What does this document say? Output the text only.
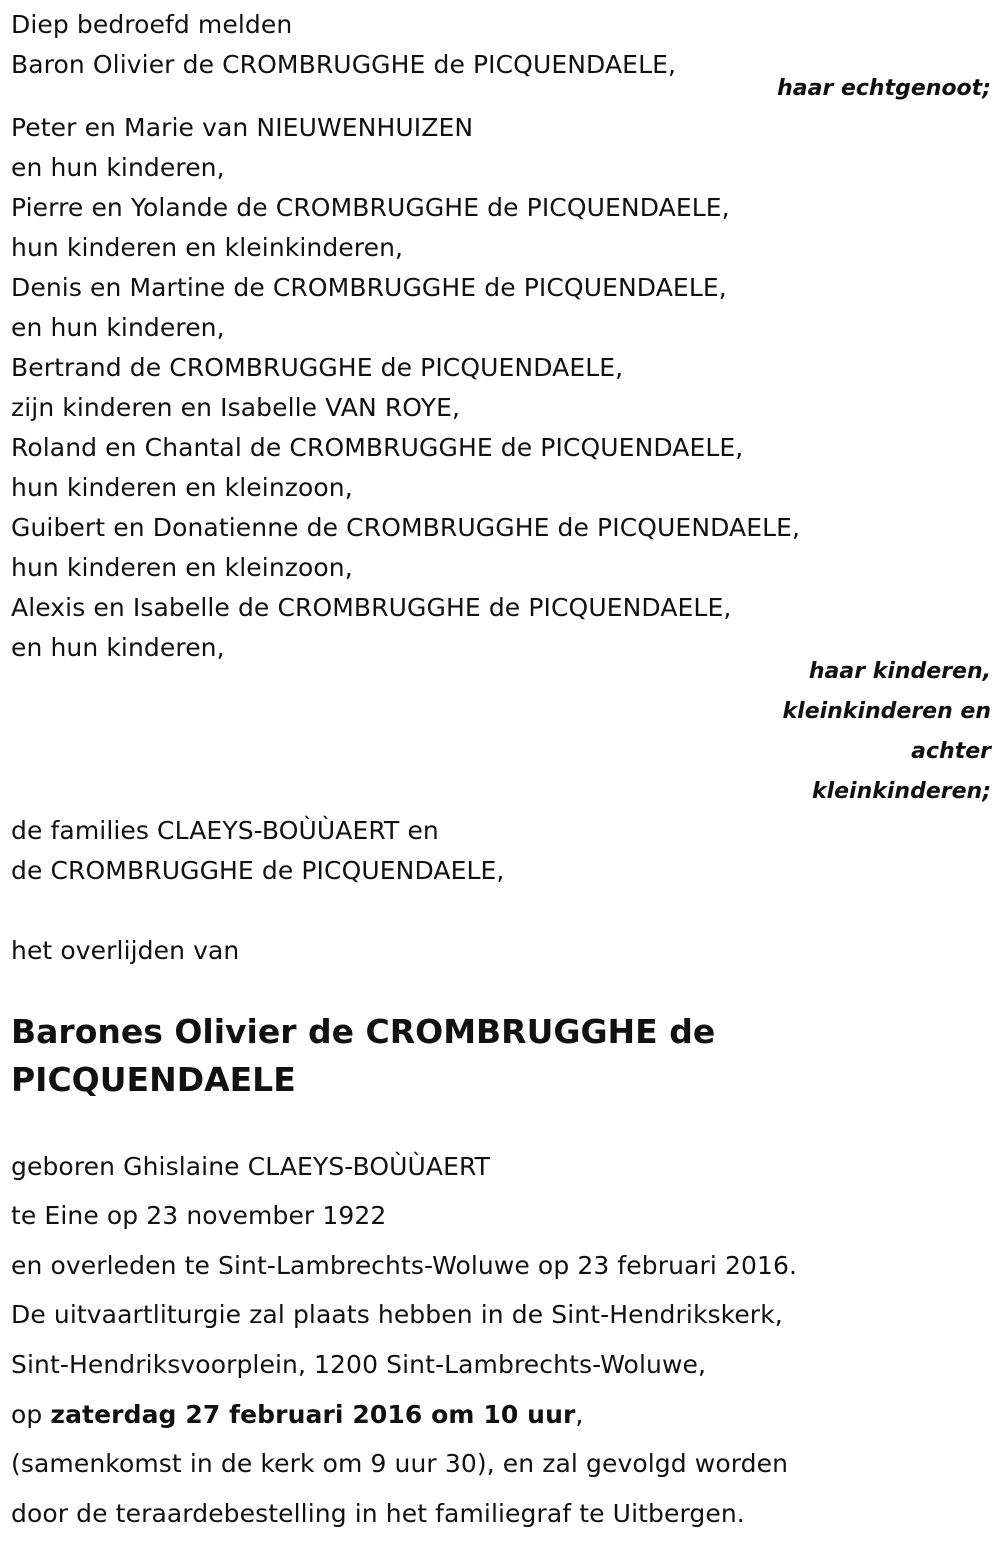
Diep bedroefd melden
Baron Olivier de CROMBRUGGHE de PICQUENDAELE,
haar echtgenoot;
Peter en Marie van NIEUWENHUIZEN
en hun kinderen,
Pierre en Yolande de CROMBRUGGHE de PICQUENDAELE,
hun kinderen en kleinkinderen,
Denis en Martine de CROMBRUGGHE de PICQUENDAELE,
en hun kinderen,
Bertrand de CROMBRUGGHE de PICQUENDAELE,
zijn kinderen en Isabelle VAN ROYE,
Roland en Chantal de CROMBRUGGHE de PICQUENDAELE,
hun kinderen en kleinzoon,
Guibert en Donatienne de CROMBRUGGHE de PICQUENDAELE,
hun kinderen en kleinzoon,
Alexis en Isabelle de CROMBRUGGHE de PICQUENDAELE,
en hun kinderen,
haar kinderen,
kleinkinderen en
achter
kleinkinderen;
de families CLAEYS-BOÙÙAERT en
de CROMBRUGGHE de PICQUENDAELE,
het overlijden van
Barones Olivier de CROMBRUGGHE de
PICQUENDAELE
geboren Ghislaine CLAEYS-BOÙÙAERT
te Eine op 23 november 1922
en overleden te Sint-Lambrechts-Woluwe op 23 februari 2016.
De uitvaartliturgie zal plaats hebben in de Sint-Hendrikskerk,
Sint-Hendriksvoorplein, 1200 Sint-Lambrechts-Woluwe,
op zaterdag 27 februari 2016 om 10 uur,
(samenkomst in de kerk om 9 uur 30), en zal gevolgd worden
door de teraardebestelling in het familiegraf te Uitbergen.
